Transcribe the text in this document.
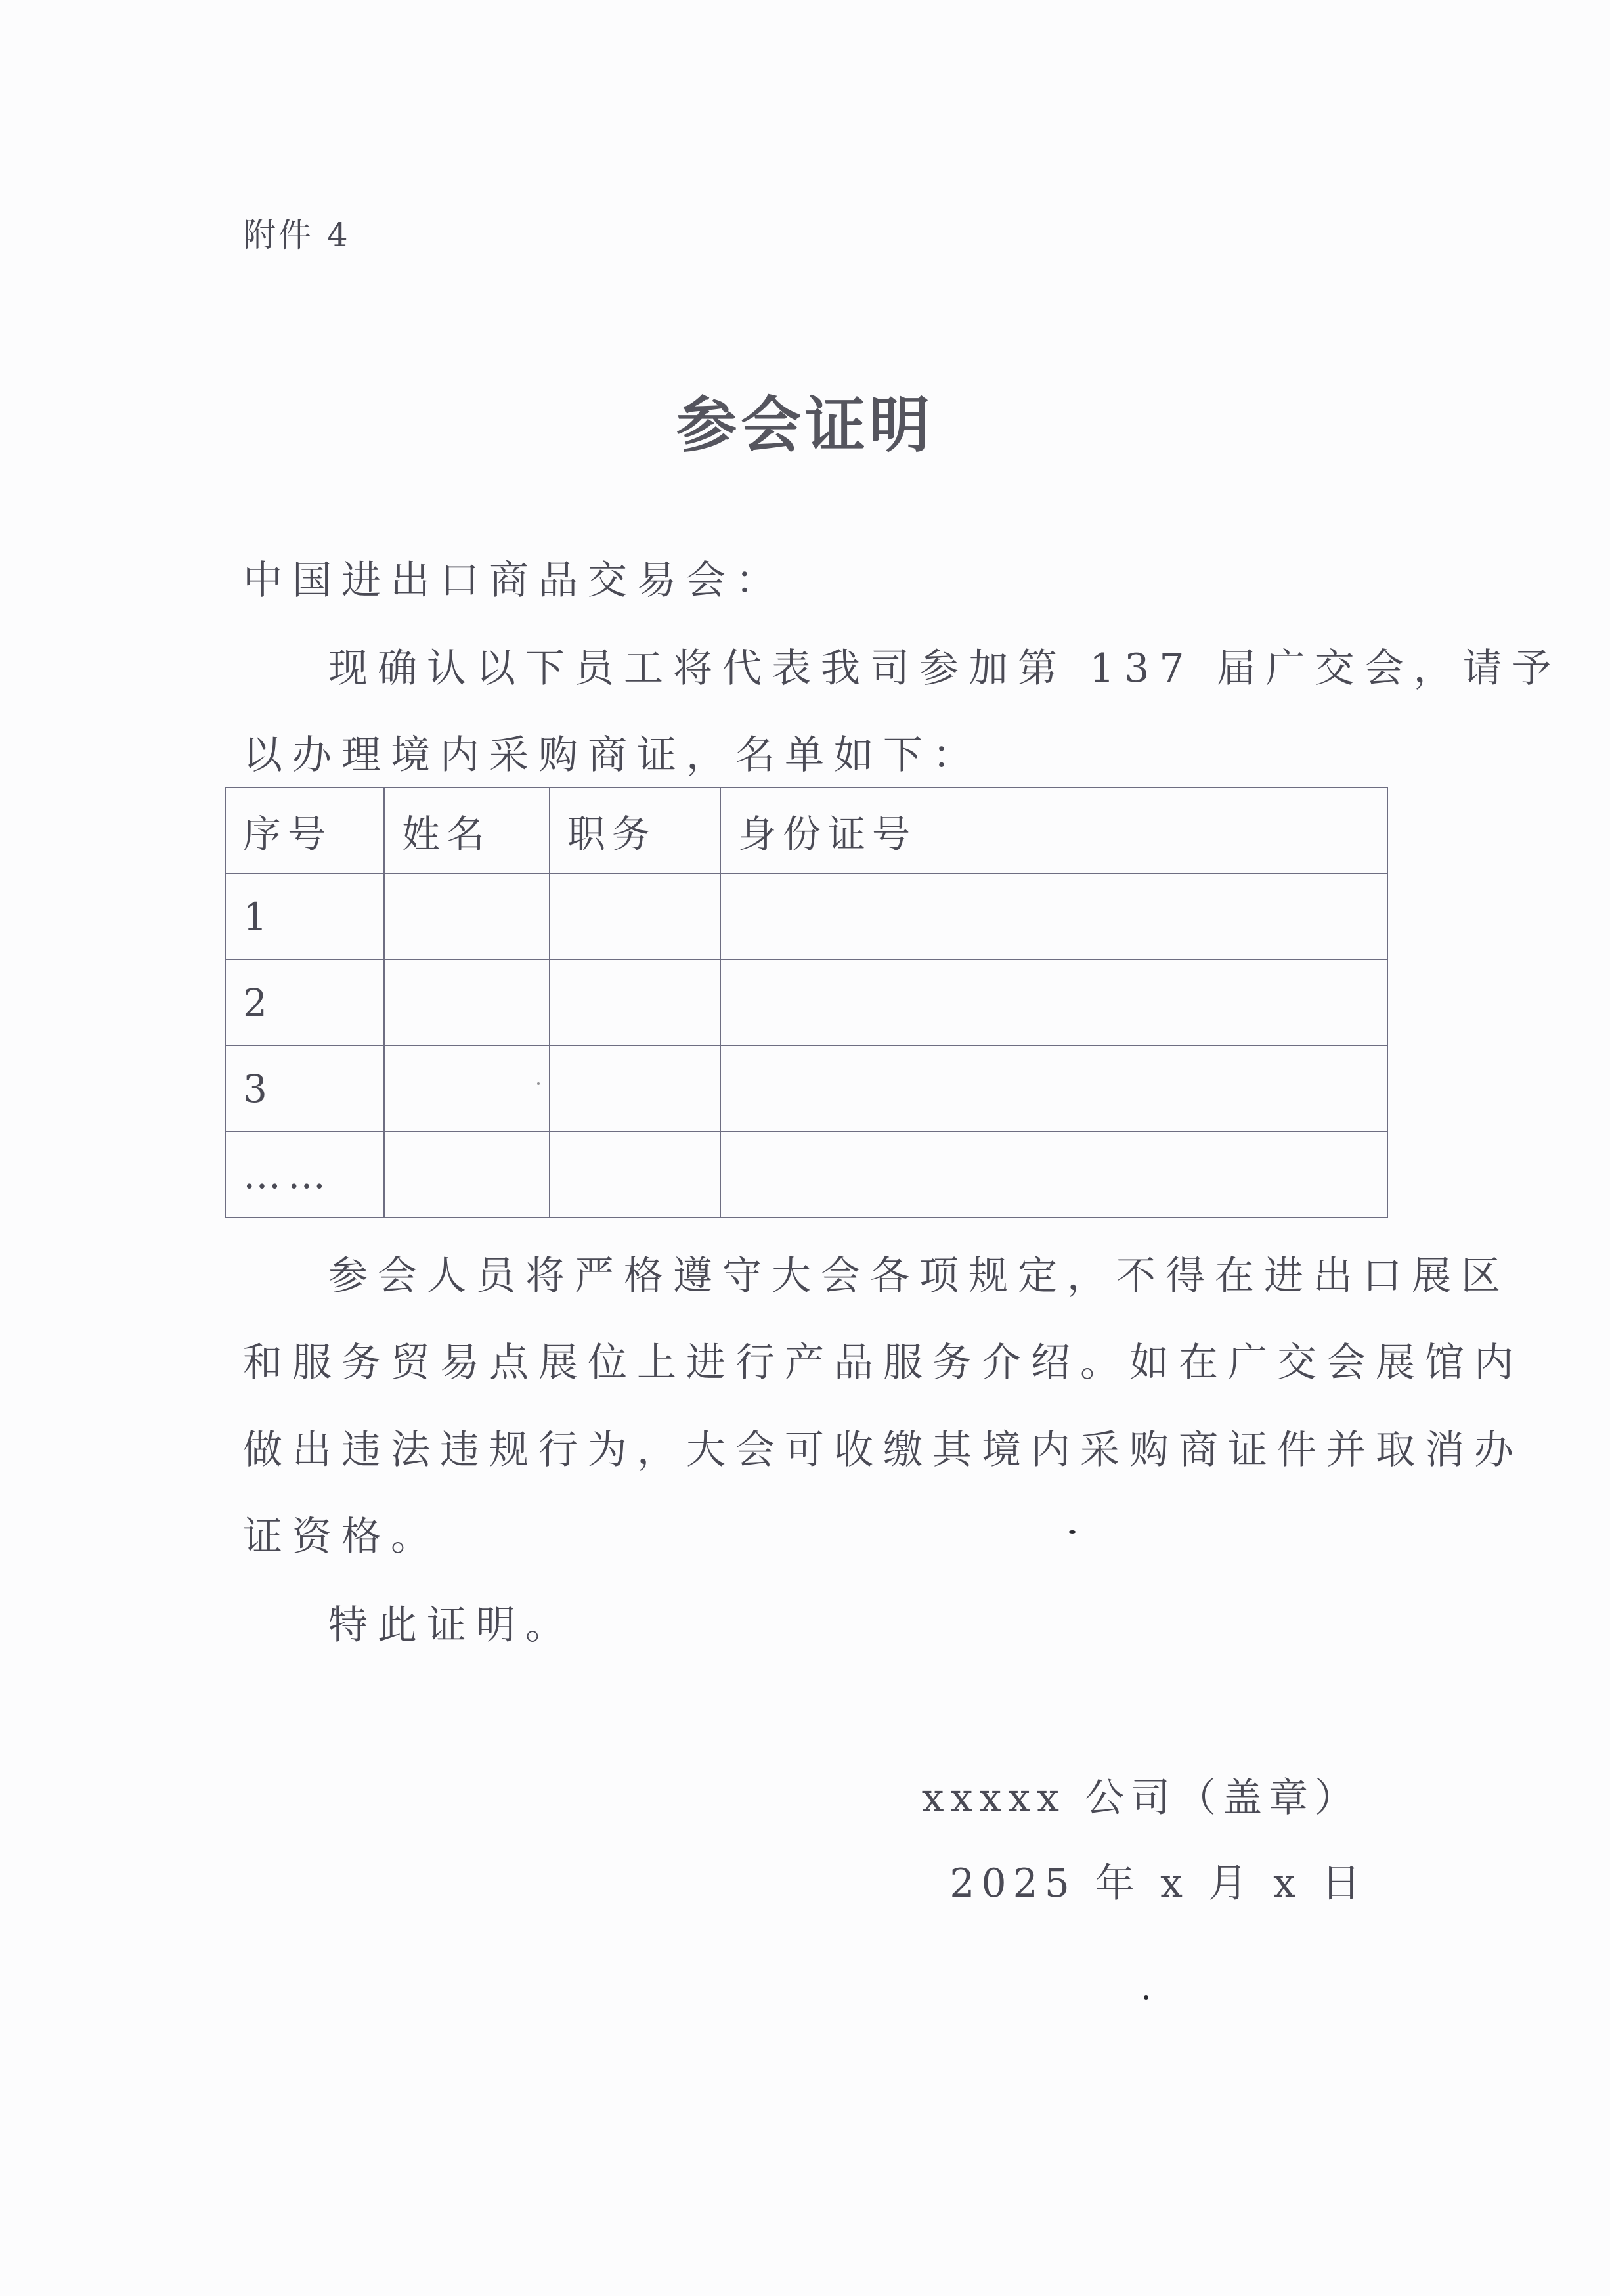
附件 4
参会证明
中国进出口商品交易会：
现确认以下员工将代表我司参加第 137 届广交会，请予
以办理境内采购商证，名单如下：
序号	姓名	职务	身份证号
1			
2			
3			
……			
参会人员将严格遵守大会各项规定，不得在进出口展区
和服务贸易点展位上进行产品服务介绍。如在广交会展馆内
做出违法违规行为，大会可收缴其境内采购商证件并取消办
证资格。
特此证明。
xxxxx 公司（盖章）
2025 年 x 月 x 日
